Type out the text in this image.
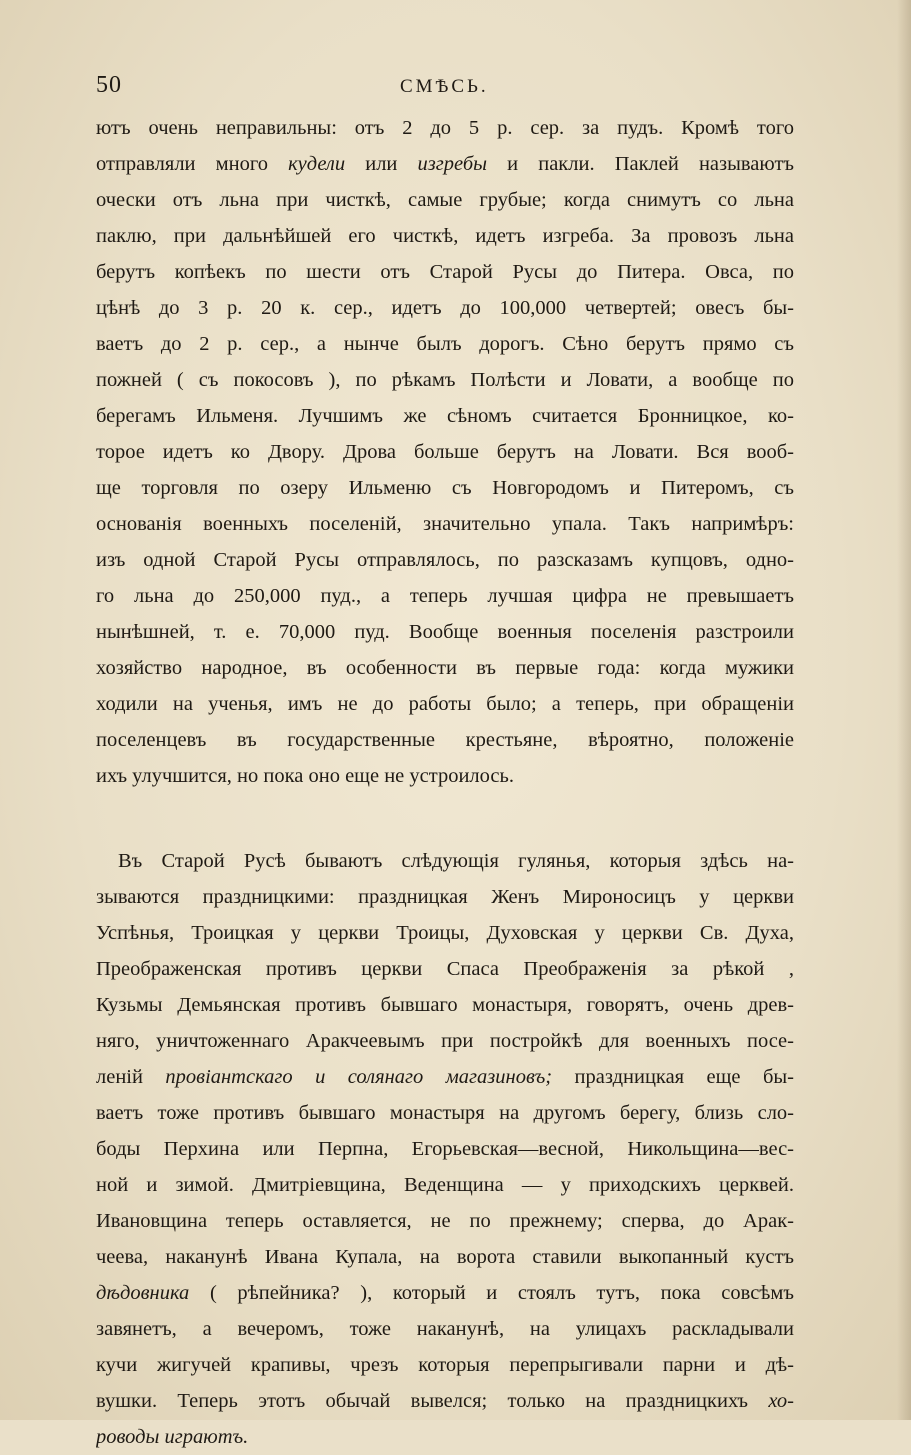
50	СМѢСЬ.
ютъ очень неправильны: отъ 2 до 5 р. сер. за пудъ. Кромѣ того
отправляли много кудели или изгребы и пакли. Паклей называютъ
очески отъ льна при чисткѣ, самые грубые; когда снимутъ со льна
паклю, при дальнѣйшей его чисткѣ, идетъ изгреба. За провозъ льна
берутъ копѣекъ по шести отъ Старой Русы до Питера. Овса, по
цѣнѣ до 3 р. 20 к. сер., идетъ до 100,000 четвертей; овесъ бы-
ваетъ до 2 р. сер., а нынче былъ дорогъ. Сѣно берутъ прямо съ
пожней ( съ покосовъ ), по рѣкамъ Полѣсти и Ловати, а вообще по
берегамъ Ильменя. Лучшимъ же сѣномъ считается Бронницкое, ко-
торое идетъ ко Двору. Дрова больше берутъ на Ловати. Вся вооб-
ще торговля по озеру Ильменю съ Новгородомъ и Питеромъ, съ
основанія военныхъ поселеній, значительно упала. Такъ напримѣръ:
изъ одной Старой Русы отправлялось, по разсказамъ купцовъ, одно-
го льна до 250,000 пуд., а теперь лучшая цифра не превышаетъ
нынѣшней, т. е. 70,000 пуд. Вообще военныя поселенія разстроили
хозяйство народное, въ особенности въ первые года: когда мужики
ходили на ученья, имъ не до работы было; а теперь, при обращеніи
поселенцевъ въ государственные крестьяне, вѣроятно, положеніе
ихъ улучшится, но пока оно еще не устроилось.
Въ Старой Русѣ бываютъ слѣдующія гулянья, которыя здѣсь на-
зываются праздницкими: праздницкая Женъ Мироносицъ у церкви
Успѣнья, Троицкая у церкви Троицы, Духовская у церкви Св. Духа,
Преображенская противъ церкви Спаса Преображенія за рѣкой ,
Кузьмы Демьянская противъ бывшаго монастыря, говорятъ, очень древ-
няго, уничтоженнаго Аракчеевымъ при постройкѣ для военныхъ посе-
леній провіантскаго и солянаго магазиновъ; праздницкая еще бы-
ваетъ тоже противъ бывшаго монастыря на другомъ берегу, близь сло-
боды Перхина или Перпна, Егорьевская—весной, Никольщина—вес-
ной и зимой. Дмитріевщина, Веденщина — у приходскихъ церквей.
Ивановщина теперь оставляется, не по прежнему; сперва, до Арак-
чеева, наканунѣ Ивана Купала, на ворота ставили выкопанный кустъ
дѣдовника ( рѣпейника? ), который и стоялъ тутъ, пока совсѣмъ
завянетъ, а вечеромъ, тоже наканунѣ, на улицахъ раскладывали
кучи жигучей крапивы, чрезъ которыя перепрыгивали парни и дѣ-
вушки. Теперь этотъ обычай вывелся; только на праздницкихъ хо-
роводы играютъ.
